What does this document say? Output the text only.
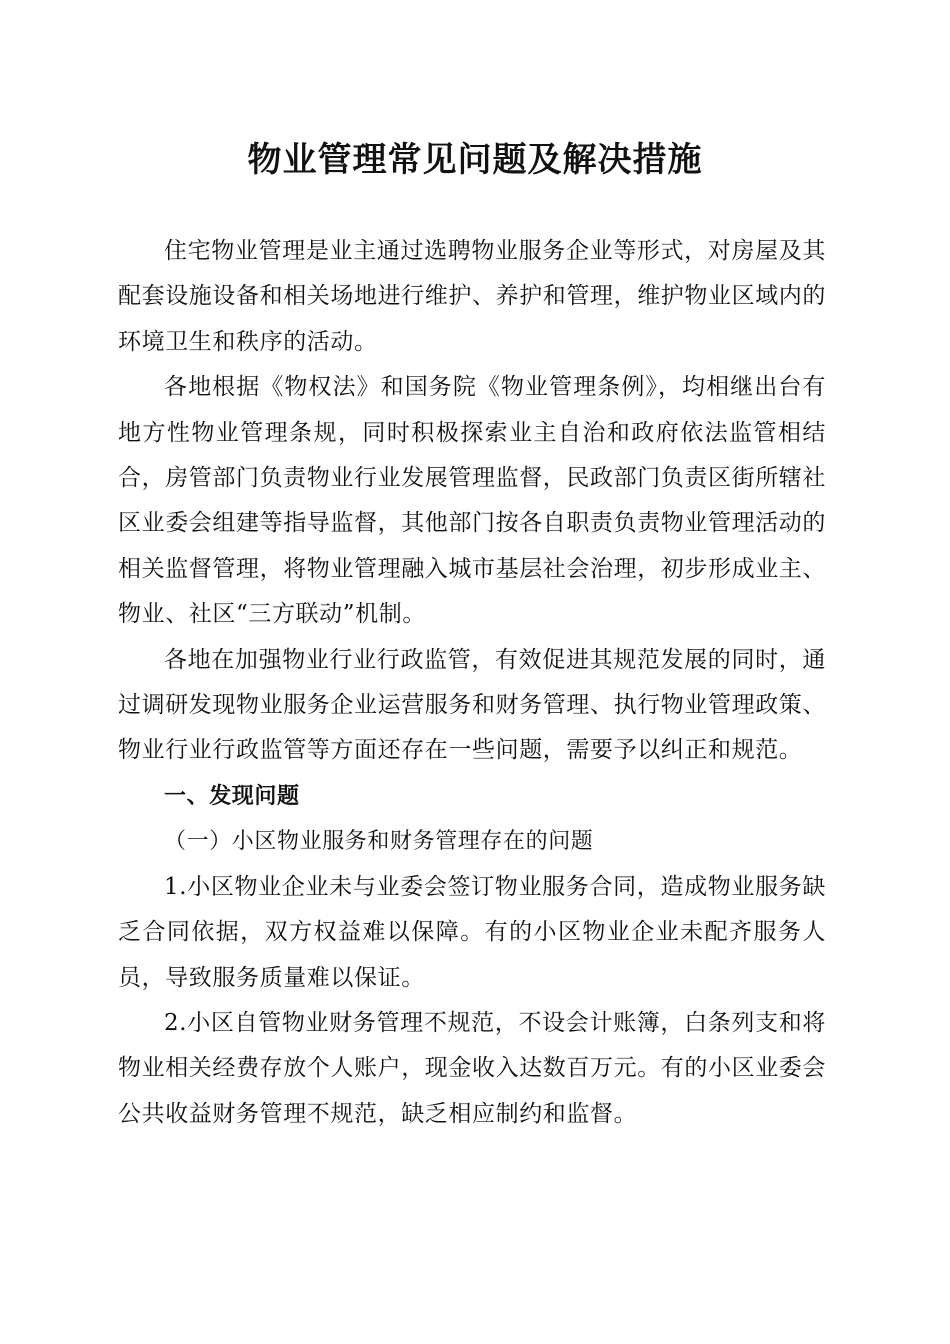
物业管理常见问题及解决措施

住宅物业管理是业主通过选聘物业服务企业等形式，对房屋及其配套设施设备和相关场地进行维护、养护和管理，维护物业区域内的环境卫生和秩序的活动。

各地根据《物权法》和国务院《物业管理条例》，均相继出台有地方性物业管理条规，同时积极探索业主自治和政府依法监管相结合，房管部门负责物业行业发展管理监督，民政部门负责区街所辖社区业委会组建等指导监督，其他部门按各自职责负责物业管理活动的相关监督管理，将物业管理融入城市基层社会治理，初步形成业主、物业、社区“三方联动”机制。

各地在加强物业行业行政监管，有效促进其规范发展的同时，通过调研发现物业服务企业运营服务和财务管理、执行物业管理政策、物业行业行政监管等方面还存在一些问题，需要予以纠正和规范。

一、发现问题

（一）小区物业服务和财务管理存在的问题

1.小区物业企业未与业委会签订物业服务合同，造成物业服务缺乏合同依据，双方权益难以保障。有的小区物业企业未配齐服务人员，导致服务质量难以保证。

2.小区自管物业财务管理不规范，不设会计账簿，白条列支和将物业相关经费存放个人账户，现金收入达数百万元。有的小区业委会公共收益财务管理不规范，缺乏相应制约和监督。
